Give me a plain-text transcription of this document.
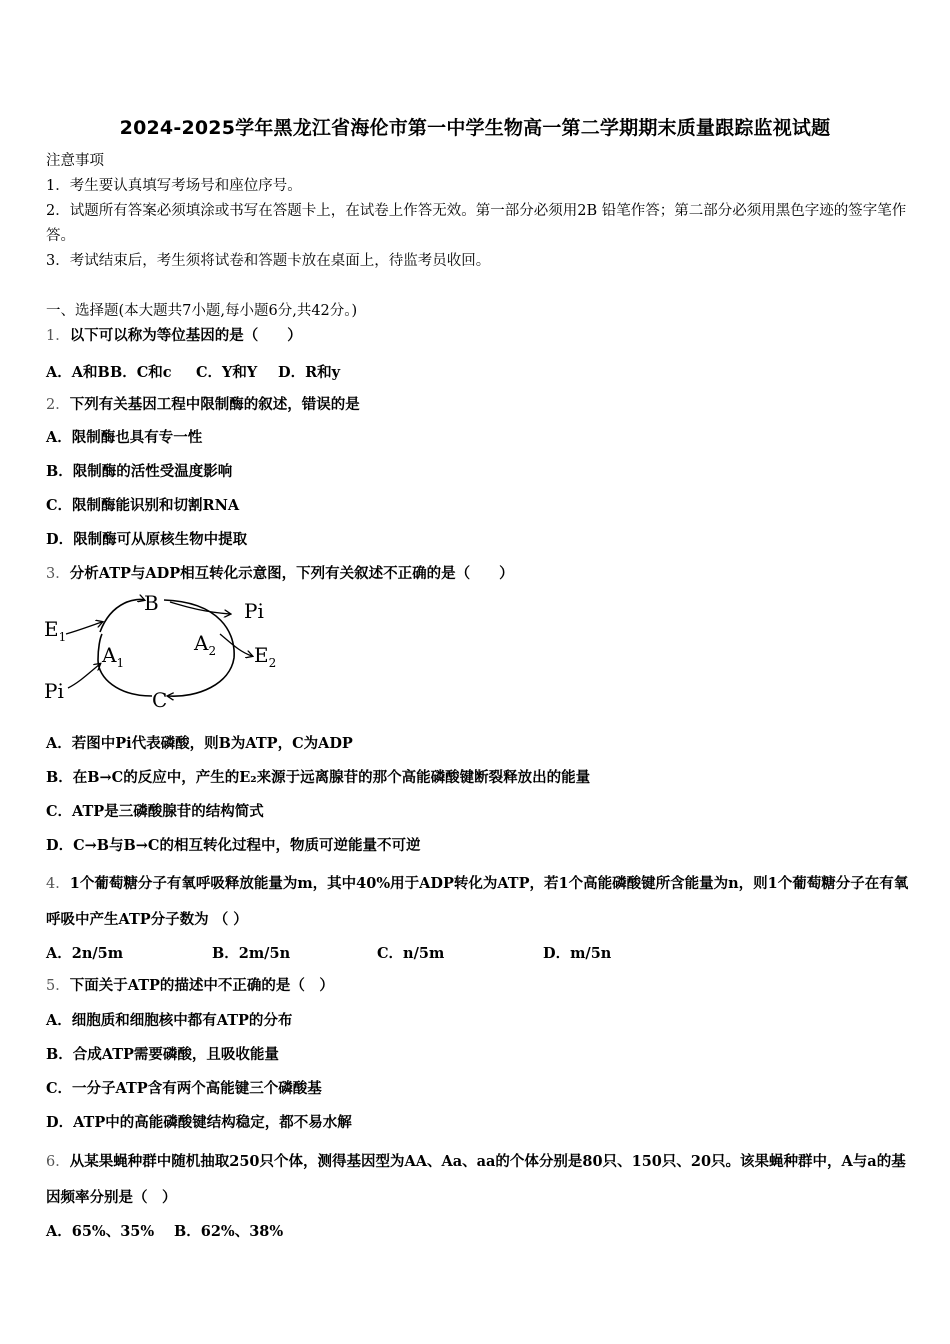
2024-2025学年黑龙江省海伦市第一中学生物高一第二学期期末质量跟踪监视试题
注意事项
1．考生要认真填写考场号和座位序号。
2．试题所有答案必须填涂或书写在答题卡上，在试卷上作答无效。第一部分必须用2B 铅笔作答；第二部分必须用黑色字迹的签字笔作答。
3．考试结束后，考生须将试卷和答题卡放在桌面上，待监考员收回。
一、选择题(本大题共7小题,每小题6分,共42分。)
1．以下可以称为等位基因的是（　　）
A．A和BB．C和c C．Y和Y D．R和y
2．下列有关基因工程中限制酶的叙述，错误的是
A．限制酶也具有专一性
B．限制酶的活性受温度影响
C．限制酶能识别和切割RNA
D．限制酶可从原核生物中提取
3．分析ATP与ADP相互转化示意图，下列有关叙述不正确的是（　　）
B
C
Pi
Pi
$E_1$
$E_2$
$A_1$
$A_2$
A．若图中Pi代表磷酸，则B为ATP，C为ADP
B．在B→C的反应中，产生的E₂来源于远离腺苷的那个高能磷酸键断裂释放出的能量
C．ATP是三磷酸腺苷的结构简式
D．C→B与B→C的相互转化过程中，物质可逆能量不可逆
4．1个葡萄糖分子有氧呼吸释放能量为m，其中40%用于ADP转化为ATP，若1个高能磷酸键所含能量为n，则1个葡萄糖分子在有氧呼吸中产生ATP分子数为 （ ）
A．2n/5m	B．2m/5n	C．n/5m	D．m/5n
5．下面关于ATP的描述中不正确的是（　）
A．细胞质和细胞核中都有ATP的分布
B．合成ATP需要磷酸，且吸收能量
C．一分子ATP含有两个高能键三个磷酸基
D．ATP中的高能磷酸键结构稳定，都不易水解
6．从某果蝇种群中随机抽取250只个体，测得基因型为AA、Aa、aa的个体分别是80只、150只、20只。该果蝇种群中，A与a的基因频率分别是（　）
A．65%、35% B．62%、38%
